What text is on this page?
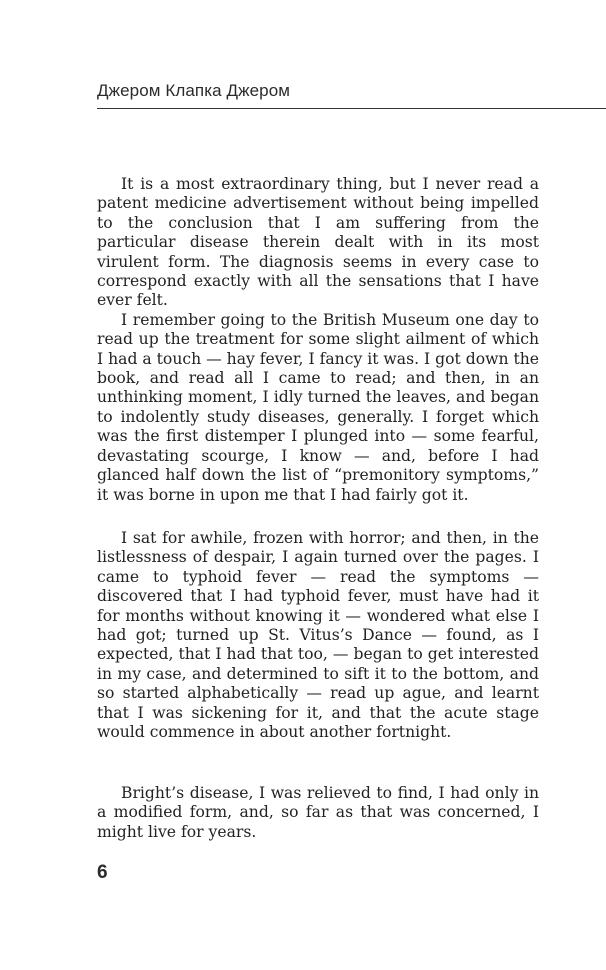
Джером Клапка Джером

It is a most extraordinary thing, but I never read a patent medicine advertisement without being impelled to the conclusion that I am suffering from the particular disease therein dealt with in its most virulent form. The diagnosis seems in every case to correspond exactly with all the sensations that I have ever felt.

I remember going to the British Museum one day to read up the treatment for some slight ailment of which I had a touch — hay fever, I fancy it was. I got down the book, and read all I came to read; and then, in an unthinking moment, I idly turned the leaves, and began to indolently study diseases, generally. I forget which was the first distemper I plunged into — some fearful, devastating scourge, I know — and, before I had glanced half down the list of “premonitory symptoms,” it was borne in upon me that I had fairly got it.

I sat for awhile, frozen with horror; and then, in the listlessness of despair, I again turned over the pages. I came to typhoid fever — read the symptoms — discovered that I had typhoid fever, must have had it for months without knowing it — wondered what else I had got; turned up St. Vitus’s Dance — found, as I expected, that I had that too, — began to get interested in my case, and determined to sift it to the bottom, and so started alphabetically — read up ague, and learnt that I was sickening for it, and that the acute stage would commence in about another fortnight.

Bright’s disease, I was relieved to find, I had only in a modified form, and, so far as that was concerned, I might live for years.

6
